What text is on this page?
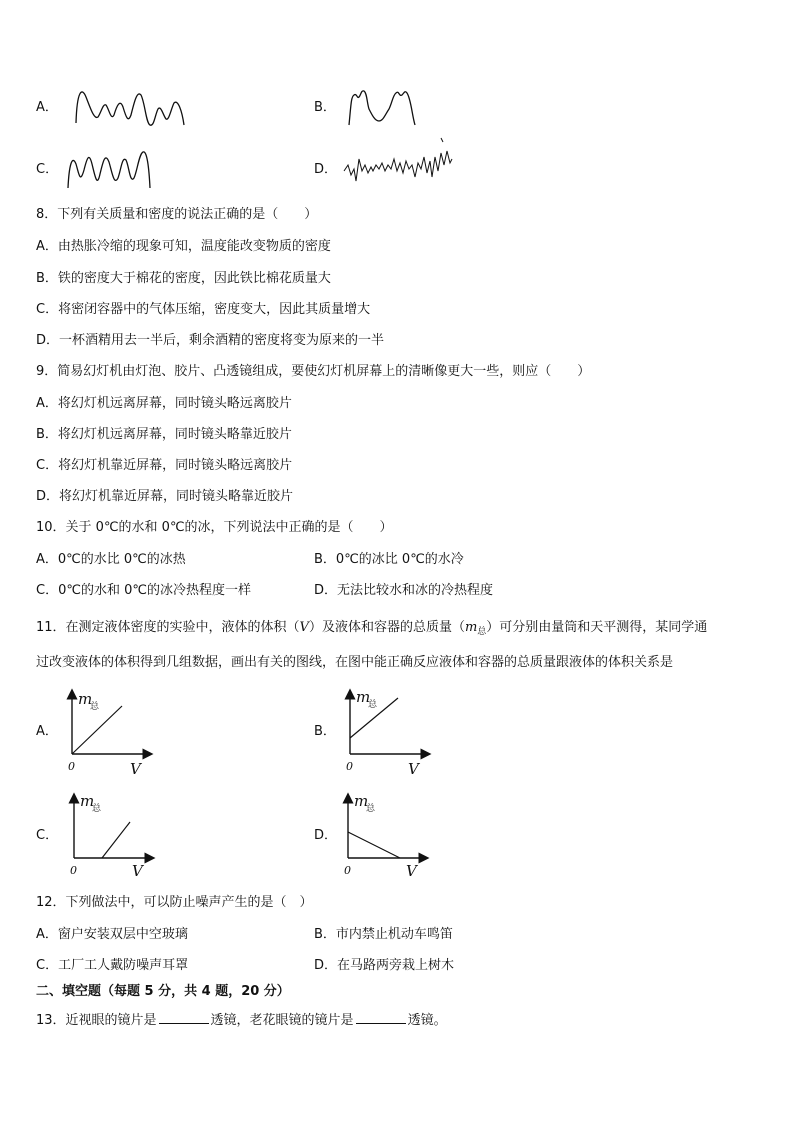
A．	B．
C．	D．
8．下列有关质量和密度的说法正确的是（　　）
A．由热胀冷缩的现象可知，温度能改变物质的密度
B．铁的密度大于棉花的密度，因此铁比棉花质量大
C．将密闭容器中的气体压缩，密度变大，因此其质量增大
D．一杯酒精用去一半后，剩余酒精的密度将变为原来的一半
9．简易幻灯机由灯泡、胶片、凸透镜组成，要使幻灯机屏幕上的清晰像更大一些，则应（　　）
A．将幻灯机远离屏幕，同时镜头略远离胶片
B．将幻灯机远离屏幕，同时镜头略靠近胶片
C．将幻灯机靠近屏幕，同时镜头略远离胶片
D．将幻灯机靠近屏幕，同时镜头略靠近胶片
10．关于 0℃的水和 0℃的冰，下列说法中正确的是（　　）
A．0℃的水比 0℃的冰热	B．0℃的冰比 0℃的水冷
C．0℃的水和 0℃的冰冷热程度一样	D．无法比较水和冰的冷热程度
11．在测定液体密度的实验中，液体的体积（V）及液体和容器的总质量$(m_总)$可分别由量筒和天平测得，某同学通
过改变液体的体积得到几组数据，画出有关的图线，在图中能正确反应液体和容器的总质量跟液体的体积关系是
A．
m
总
V
0
B．
m
总
V
0
C．
m
总
V
0
D．
m
总
V
0
12．下列做法中，可以防止噪声产生的是（　）
A．窗户安装双层中空玻璃	B．市内禁止机动车鸣笛
C．工厂工人戴防噪声耳罩	D．在马路两旁栽上树木
二、填空题（每题 5 分，共 4 题，20 分）
13．近视眼的镜片是	透镜，老花眼镜的镜片是	透镜。
